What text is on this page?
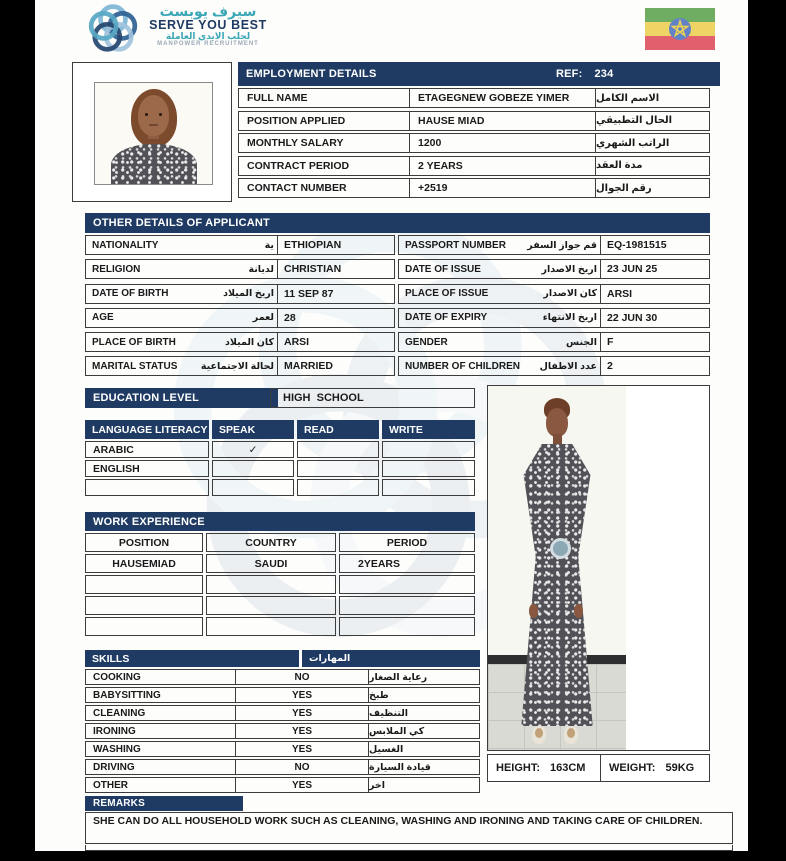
سيرف يوبست
SERVE YOU BEST
لجلب الايدي العاملة
MANPOWER RECRUITMENT
EMPLOYMENT DETAILS	REF: 234
FULL NAME	ETAGEGNEW GOBEZE YIMER	الاسم الكامل
POSITION APPLIED	HAUSE MIAD	الحال التطبيقي
MONTHLY SALARY	1200	الراتب الشهري
CONTRACT PERIOD	2 YEARS	مدة العقد
CONTACT NUMBER	+2519	رقم الجوال
OTHER DETAILS OF APPLICANT
NATIONALITY	ية ETHIOPIAN
RELIGION	لديانة CHRISTIAN
DATE OF BIRTH	اريخ الميلاد 11 SEP 87
AGE	لعمر 28
PLACE OF BIRTH	كان الميلاد ARSI
MARITAL STATUS لحالة الاجتماعية MARRIED
PASSPORT NUMBER قم جواز السفر EQ-1981515
DATE OF ISSUE	اريخ الاصدار 23 JUN 25
PLACE OF ISSUE	كان الاصدار ARSI
DATE OF EXPIRY	اريخ الانتهاء 22 JUN 30
GENDER	الجنس F
NUMBER OF CHILDREN عدد الاطفال 2
EDUCATION LEVEL	HIGH  SCHOOL
LANGUAGE LITERACY	SPEAK	READ	WRITE
ARABIC	✓
ENGLISH
WORK EXPERIENCE
POSITION	COUNTRY	PERIOD
HAUSEMIAD	SAUDI	2YEARS
HEIGHT: 163CM WEIGHT: 59KG
SKILLS	المهارات
COOKING	NO	رعاية الصغار
BABYSITTING	YES	طبخ
CLEANING	YES	التنظيف
IRONING	YES	كي الملابس
WASHING	YES	الغسيل
DRIVING	NO	قيادة السيارة
OTHER	YES	اخر
REMARKS
SHE CAN DO ALL HOUSEHOLD WORK SUCH AS CLEANING, WASHING AND IRONING AND TAKING CARE OF CHILDREN.
